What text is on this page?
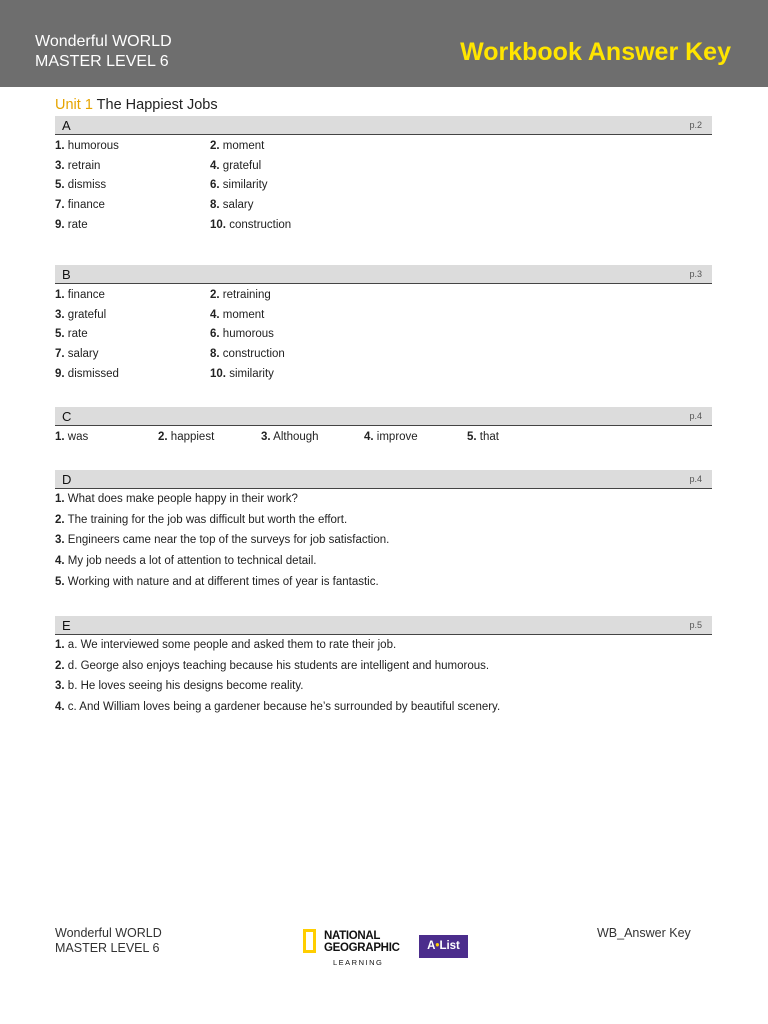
Wonderful WORLD
MASTER LEVEL 6	Workbook Answer Key
Unit 1 The Happiest Jobs
A	p.2
1. humorous	2. moment
3. retrain	4. grateful
5. dismiss	6. similarity
7. finance	8. salary
9. rate	10. construction
B	p.3
1. finance	2. retraining
3. grateful	4. moment
5. rate	6. humorous
7. salary	8. construction
9. dismissed	10. similarity
C	p.4
1. was	2. happiest	3. Although	4. improve	5. that
D	p.4
1. What does make people happy in their work?
2. The training for the job was difficult but worth the effort.
3. Engineers came near the top of the surveys for job satisfaction.
4. My job needs a lot of attention to technical detail.
5. Working with nature and at different times of year is fantastic.
E	p.5
1. a. We interviewed some people and asked them to rate their job.
2. d. George also enjoys teaching because his students are intelligent and humorous.
3. b. He loves seeing his designs become reality.
4. c. And William loves being a gardener because he’s surrounded by beautiful scenery.
Wonderful WORLD
MASTER LEVEL 6
NATIONAL
GEOGRAPHIC
LEARNING
A•List
WB_Answer Key
